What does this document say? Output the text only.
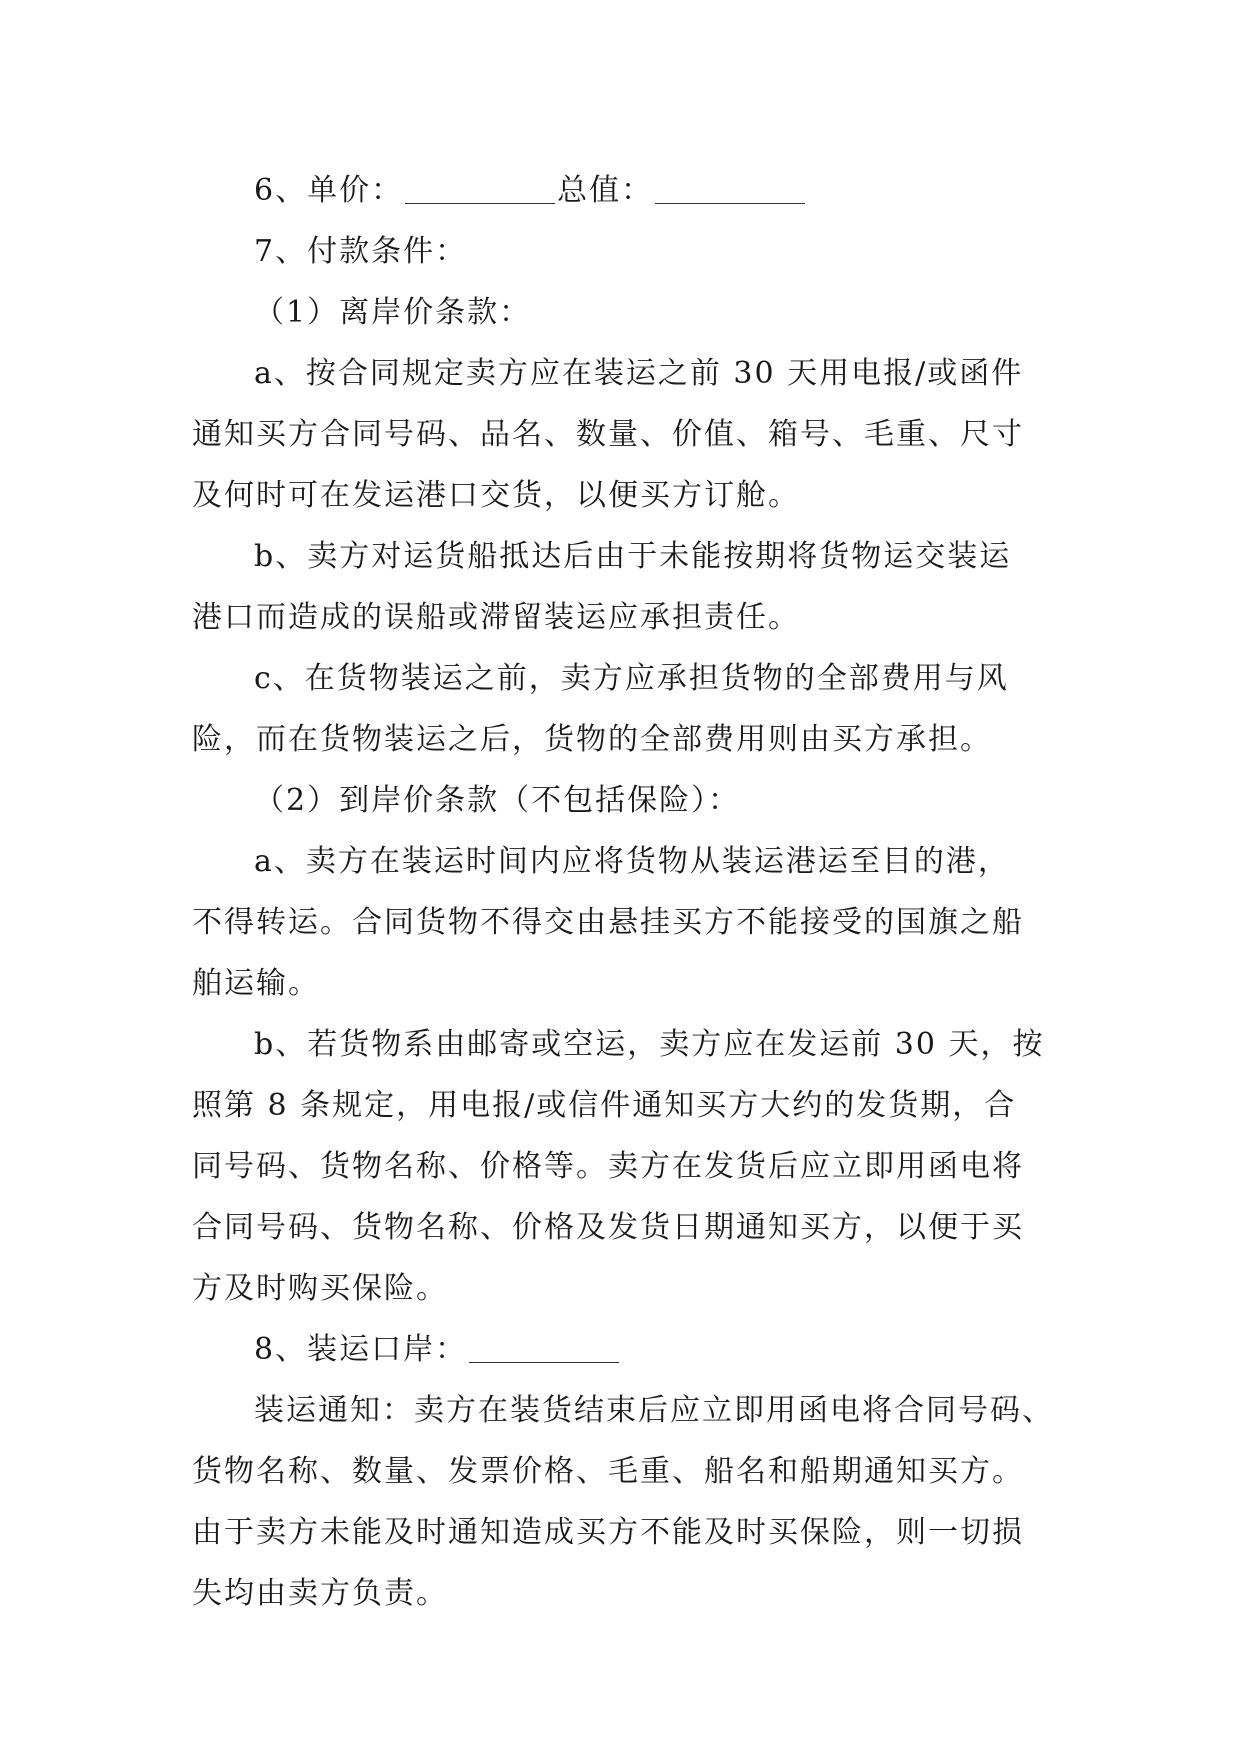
6、单价：	总值：
7、付款条件：
（1）离岸价条款：
a、按合同规定卖方应在装运之前 30 天用电报/或函件
通知买方合同号码、品名、数量、价值、箱号、毛重、尺寸
及何时可在发运港口交货，以便买方订舱。
b、卖方对运货船抵达后由于未能按期将货物运交装运
港口而造成的误船或滞留装运应承担责任。
c、在货物装运之前，卖方应承担货物的全部费用与风
险，而在货物装运之后，货物的全部费用则由买方承担。
（2）到岸价条款（不包括保险）：
a、卖方在装运时间内应将货物从装运港运至目的港，
不得转运。合同货物不得交由悬挂买方不能接受的国旗之船
舶运输。
b、若货物系由邮寄或空运，卖方应在发运前 30 天，按
照第 8 条规定，用电报/或信件通知买方大约的发货期，合
同号码、货物名称、价格等。卖方在发货后应立即用函电将
合同号码、货物名称、价格及发货日期通知买方，以便于买
方及时购买保险。
8、装运口岸：
装运通知：卖方在装货结束后应立即用函电将合同号码、
货物名称、数量、发票价格、毛重、船名和船期通知买方。
由于卖方未能及时通知造成买方不能及时买保险，则一切损
失均由卖方负责。
